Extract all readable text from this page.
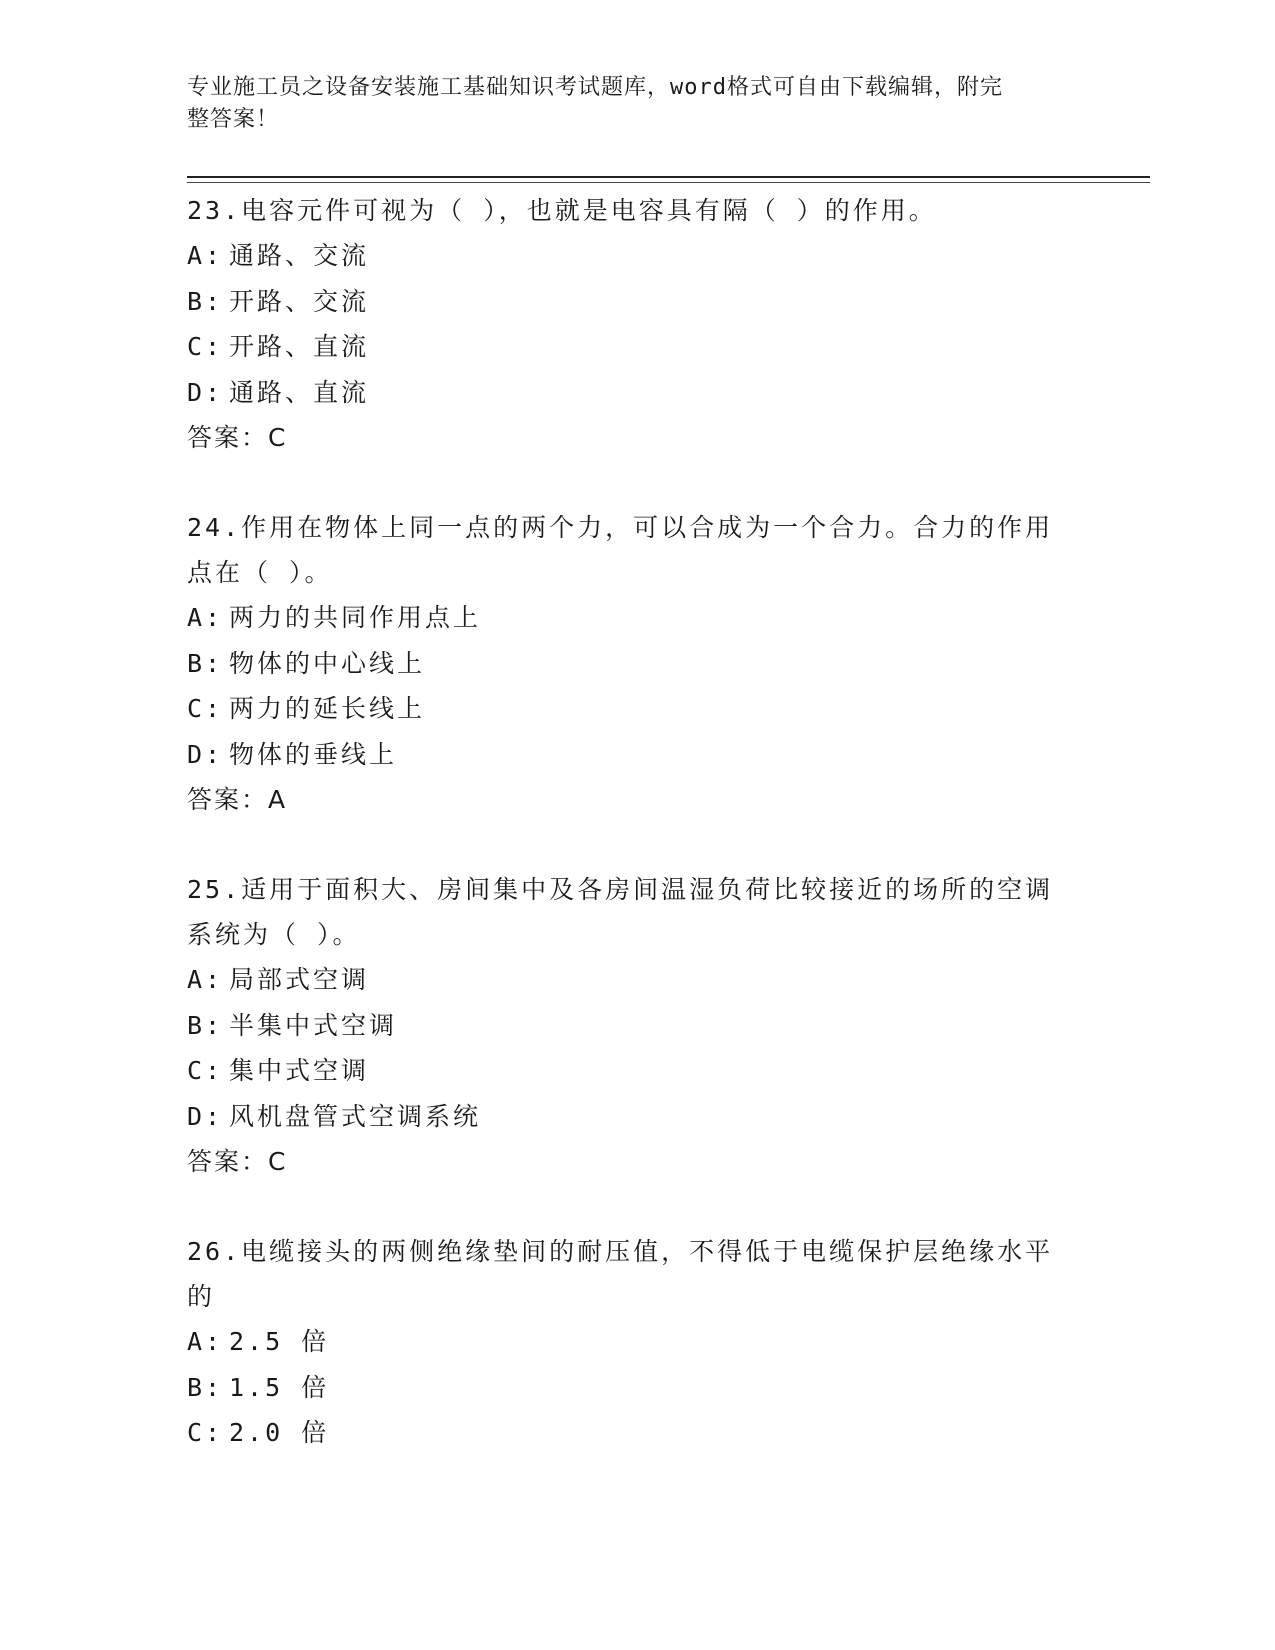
专业施工员之设备安装施工基础知识考试题库，word格式可自由下载编辑，附完
整答案！
23.电容元件可视为（ ），也就是电容具有隔（ ）的作用。
A: 通路、交流
B: 开路、交流
C: 开路、直流
D: 通路、直流
答案：C
24.作用在物体上同一点的两个力，可以合成为一个合力。合力的作用点在（ ）。
A: 两力的共同作用点上
B: 物体的中心线上
C: 两力的延长线上
D: 物体的垂线上
答案：A
25.适用于面积大、房间集中及各房间温湿负荷比较接近的场所的空调系统为（ ）。
A: 局部式空调
B: 半集中式空调
C: 集中式空调
D: 风机盘管式空调系统
答案：C
26.电缆接头的两侧绝缘垫间的耐压值，不得低于电缆保护层绝缘水平的
A: 2.5 倍
B: 1.5 倍
C: 2.0 倍
